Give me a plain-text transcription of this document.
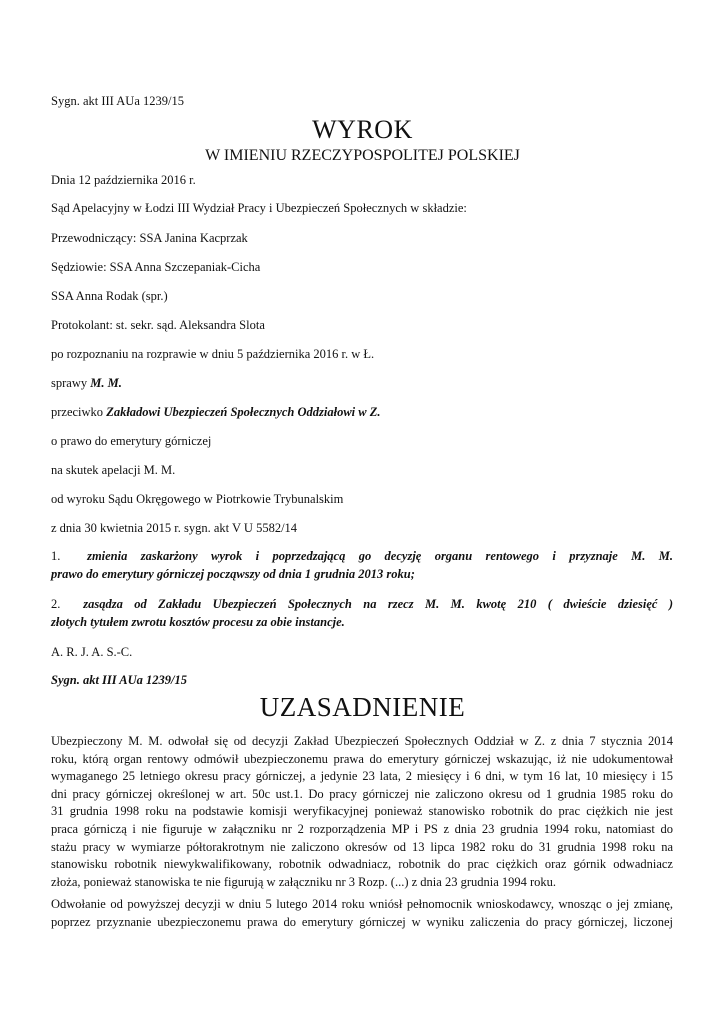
Sygn. akt III AUa 1239/15
WYROK
W IMIENIU RZECZYPOSPOLITEJ POLSKIEJ
Dnia 12 października 2016 r.
Sąd Apelacyjny w Łodzi III Wydział Pracy i Ubezpieczeń Społecznych w składzie:
Przewodniczący: SSA Janina Kacprzak
Sędziowie: SSA Anna Szczepaniak-Cicha
SSA Anna Rodak (spr.)
Protokolant: st. sekr. sąd. Aleksandra Slota
po rozpoznaniu na rozprawie w dniu 5 października 2016 r. w Ł.
sprawy M. M.
przeciwko Zakładowi Ubezpieczeń Społecznych Oddziałowi w Z.
o prawo do emerytury górniczej
na skutek apelacji M. M.
od wyroku Sądu Okręgowego w Piotrkowie Trybunalskim
z dnia 30 kwietnia 2015 r. sygn. akt V U 5582/14
1. zmienia zaskarżony wyrok i poprzedzającą go decyzję organu rentowego i przyznaje M. M.
prawo do emerytury górniczej począwszy od dnia 1 grudnia 2013 roku;
2. zasądza od Zakładu Ubezpieczeń Społecznych na rzecz M. M. kwotę 210 ( dwieście dziesięć )
złotych tytułem zwrotu kosztów procesu za obie instancje.
A. R. J. A. S.-C.
Sygn. akt III AUa 1239/15
UZASADNIENIE
Ubezpieczony M. M. odwołał się od decyzji Zakład Ubezpieczeń Społecznych Oddział w Z. z dnia 7 stycznia 2014
roku, którą organ rentowy odmówił ubezpieczonemu prawa do emerytury górniczej wskazując, iż nie udokumentował
wymaganego 25 letniego okresu pracy górniczej, a jedynie 23 lata, 2 miesięcy i 6 dni, w tym 16 lat, 10 miesięcy i 15
dni pracy górniczej określonej w art. 50c ust.1. Do pracy górniczej nie zaliczono okresu od 1 grudnia 1985 roku do
31 grudnia 1998 roku na podstawie komisji weryfikacyjnej ponieważ stanowisko robotnik do prac ciężkich nie jest
praca górniczą i nie figuruje w załączniku nr 2 rozporządzenia MP i PS z dnia 23 grudnia 1994 roku, natomiast do
stażu pracy w wymiarze półtorakrotnym nie zaliczono okresów od 13 lipca 1982 roku do 31 grudnia 1998 roku na
stanowisku robotnik niewykwalifikowany, robotnik odwadniacz, robotnik do prac ciężkich oraz górnik odwadniacz
złoża, ponieważ stanowiska te nie figurują w załączniku nr 3 Rozp. (...) z dnia 23 grudnia 1994 roku.
Odwołanie od powyższej decyzji w dniu 5 lutego 2014 roku wniósł pełnomocnik wnioskodawcy, wnosząc o jej zmianę,
poprzez przyznanie ubezpieczonemu prawa do emerytury górniczej w wyniku zaliczenia do pracy górniczej, liczonej
